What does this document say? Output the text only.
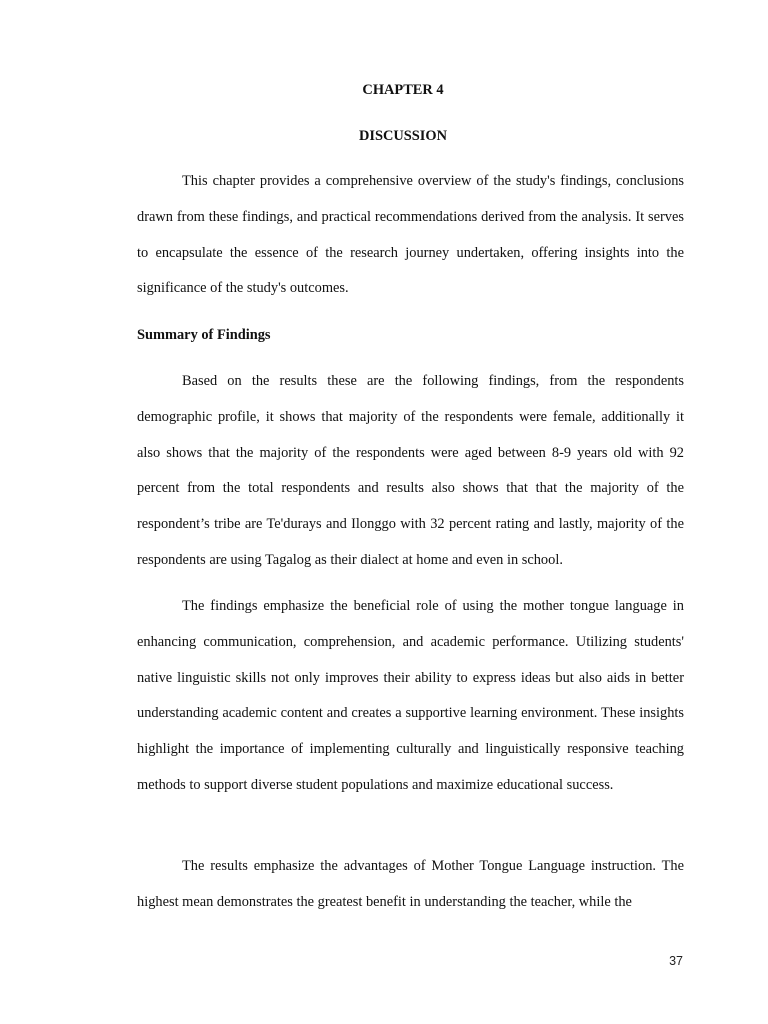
CHAPTER 4
DISCUSSION

This chapter provides a comprehensive overview of the study's findings, conclusions drawn from these findings, and practical recommendations derived from the analysis. It serves to encapsulate the essence of the research journey undertaken, offering insights into the significance of the study's outcomes.

Summary of Findings

Based on the results these are the following findings, from the respondents demographic profile, it shows that majority of the respondents were female, additionally it also shows that the majority of the respondents were aged between 8-9 years old with 92 percent from the total respondents and results also shows that that the majority of the respondent’s tribe are Te'durays and Ilonggo with 32 percent rating and lastly, majority of the respondents are using Tagalog as their dialect at home and even in school.

The findings emphasize the beneficial role of using the mother tongue language in enhancing communication, comprehension, and academic performance. Utilizing students' native linguistic skills not only improves their ability to express ideas but also aids in better understanding academic content and creates a supportive learning environment. These insights highlight the importance of implementing culturally and linguistically responsive teaching methods to support diverse student populations and maximize educational success.

The results emphasize the advantages of Mother Tongue Language instruction. The highest mean demonstrates the greatest benefit in understanding the teacher, while the

37
